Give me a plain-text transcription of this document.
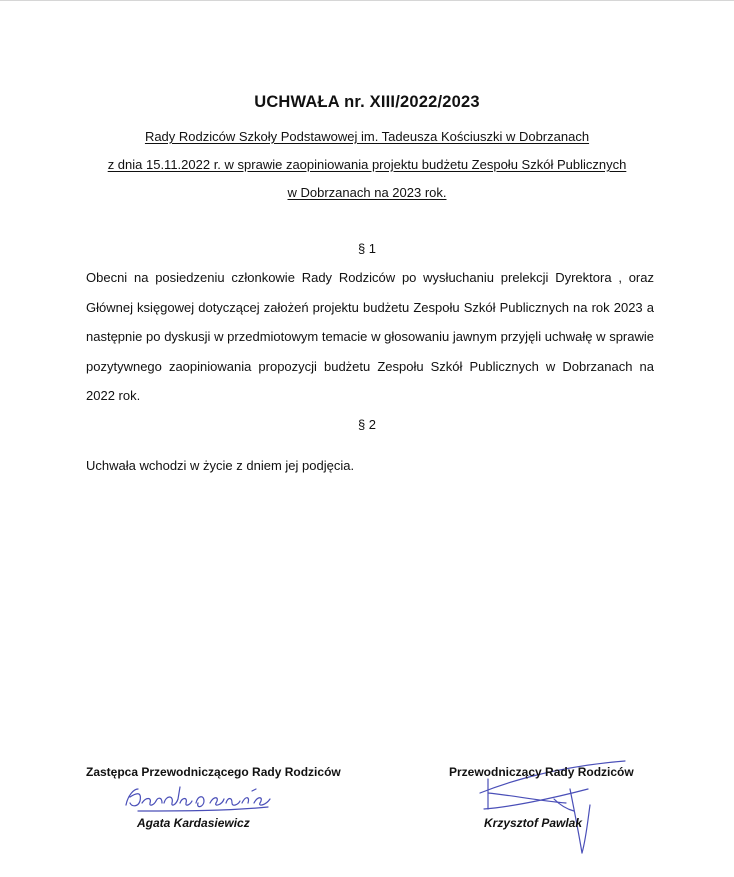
UCHWAŁA nr. XIII/2022/2023
Rady Rodziców Szkoły Podstawowej im. Tadeusza Kościuszki w Dobrzanach
z dnia 15.11.2022 r. w sprawie zaopiniowania projektu budżetu Zespołu Szkół Publicznych
w Dobrzanach na 2023 rok.
§ 1
Obecni na posiedzeniu członkowie Rady Rodziców po wysłuchaniu prelekcji Dyrektora , oraz Głównej księgowej dotyczącej założeń projektu budżetu Zespołu Szkół Publicznych na rok 2023 a następnie po dyskusji w przedmiotowym temacie w głosowaniu jawnym przyjęli uchwałę w sprawie pozytywnego zaopiniowania propozycji budżetu Zespołu Szkół Publicznych w Dobrzanach na 2022 rok.
§ 2
Uchwała wchodzi w życie z dniem jej podjęcia.
Zastępca Przewodniczącego Rady Rodziców
Agata Kardasiewicz
Przewodniczący Rady Rodziców
Krzysztof Pawlak
